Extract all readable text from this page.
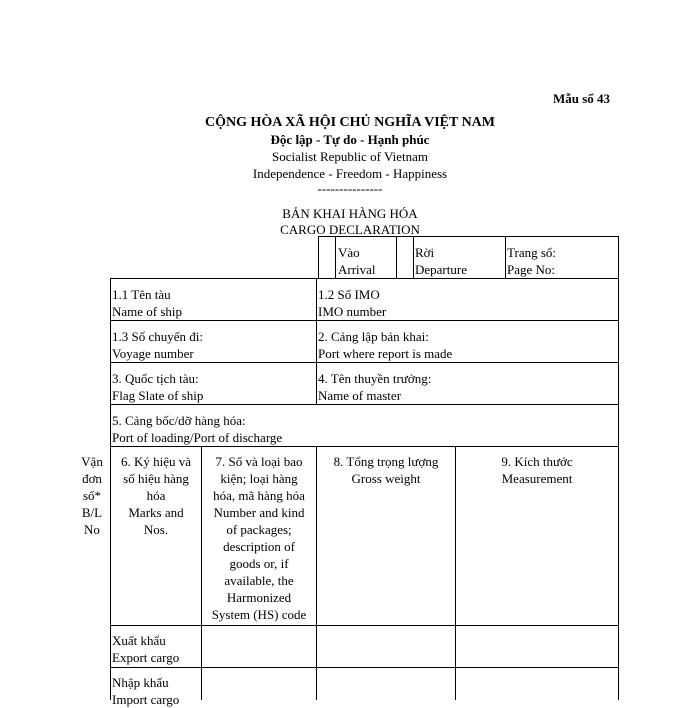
Mẫu số 43
CỘNG HÒA XÃ HỘI CHỦ NGHĨA VIỆT NAM
Độc lập - Tự do - Hạnh phúc
Socialist Republic of Vietnam
Independence - Freedom - Happiness
---------------
BẢN KHAI HÀNG HÓA
CARGO DECLARATION
Vào
Arrival
Rời
Departure
Trang số:
Page No:
1.1 Tên tàu
Name of ship
1.2 Số IMO
IMO number
1.3 Số chuyến đi:
Voyage number
2. Cảng lập bản khai:
Port where report is made
3. Quốc tịch tàu:
Flag Slate of ship
4. Tên thuyền trưởng:
Name of master
5. Cảng bốc/dỡ hàng hóa:
Port of loading/Port of discharge
Vận
đơn
số*
B/L
No
6. Ký hiệu và
số hiệu hàng
hóa
Marks and
Nos.
7. Số và loại bao
kiện; loại hàng
hóa, mã hàng hóa
Number and kind
of packages;
description of
goods or, if
available, the
Harmonized
System (HS) code
8. Tổng trọng lượng
Gross weight
9. Kích thước
Measurement
Xuất khẩu
Export cargo
Nhập khẩu
Import cargo
